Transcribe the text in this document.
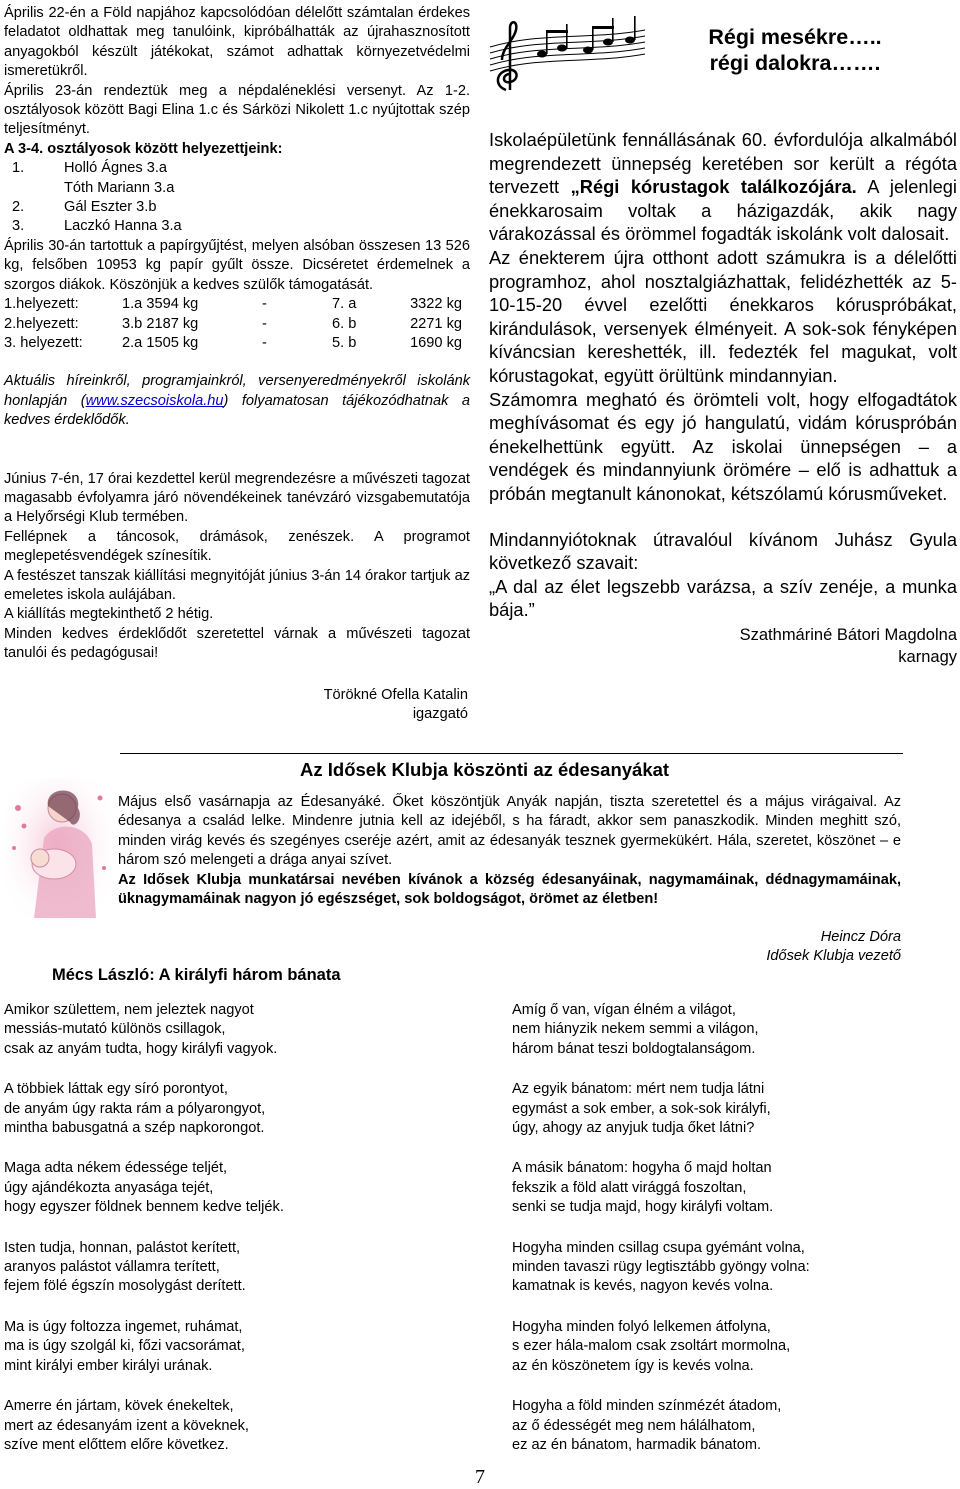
Április 22-én a Föld napjához kapcsolódóan délelőtt számtalan érdekes feladatot oldhattak meg tanulóink, kipróbálhatták az újrahasznosított anyagokból készült játékokat, számot adhattak környezetvédelmi ismeretükről.

Április 23-án rendeztük meg a népdaléneklési versenyt. Az 1-2. osztályosok között Bagi Elina 1.c és Sárközi Nikolett 1.c nyújtottak szép teljesítményt.

A 3-4. osztályosok között helyezettjeink:

1.	Holló Ágnes 3.a
Tóth Mariann 3.a
2.	Gál Eszter 3.b
3.	Laczkó Hanna 3.a

Április 30-án tartottuk a papírgyűjtést, melyen alsóban összesen 13 526 kg, felsőben 10953 kg papír gyűlt össze. Dicséretet érdemelnek a szorgos diákok. Köszönjük a kedves szülők támogatását.

1.helyezett:	1.a 3594 kg	-	7. a	3322 kg
2.helyezett:	3.b 2187 kg	-	6. b	2271 kg
3. helyezett:	2.a 1505 kg	-	5. b	1690 kg

Aktuális híreinkről, programjainkról, versenyeredményekről iskolánk honlapján (www.szecsoiskola.hu) folyamatosan tájékozódhatnak a kedves érdeklődők.

Június 7-én, 17 órai kezdettel kerül megrendezésre a művészeti tagozat magasabb évfolyamra járó növendékeinek tanévzáró vizsgabemutatója a Helyőrségi Klub termében.

Fellépnek a táncosok, drámások, zenészek. A programot meglepetésvendégek színesítik.

A festészet tanszak kiállítási megnyitóját június 3-án 14 órakor tartjuk az emeletes iskola aulájában.

A kiállítás megtekinthető 2 hétig.

Minden kedves érdeklődőt szeretettel várnak a művészeti tagozat tanulói és pedagógusai!

Törökné Ofella Katalin
igazgató
Régi mesékre…..
régi dalokra…….

Iskolaépületünk fennállásának 60. évfordulója alkalmából megrendezett ünnepség keretében sor került a régóta tervezett „Régi kórustagok találkozójára. A jelenlegi énekkarosaim voltak a házigazdák, akik nagy várakozással és örömmel fogadták iskolánk volt dalosait.

Az énekterem újra otthont adott számukra is a délelőtti programhoz, ahol nosztalgiázhattak, felidézhették az 5-10-15-20 évvel ezelőtti énekkaros kóruspróbákat, kirándulások, versenyek élményeit. A sok-sok fényképen kíváncsian kereshették, ill. fedezték fel magukat, volt kórustagokat, együtt örültünk mindannyian.

Számomra megható és örömteli volt, hogy elfogadtátok meghívásomat és egy jó hangulatú, vidám kóruspróbán énekelhettünk együtt. Az iskolai ünnepségen – a vendégek és mindannyiunk örömére – elő is adhattuk a próbán megtanult kánonokat, kétszólamú kórusműveket.

Mindannyiótoknak útravalóul kívánom Juhász Gyula következő szavait:

„A dal az élet legszebb varázsa, a szív zenéje, a munka bája.”

Szathmáriné Bátori Magdolna
karnagy
Az Idősek Klubja köszönti az édesanyákat

Május első vasárnapja az Édesanyáké. Őket köszöntjük Anyák napján, tiszta szeretettel és a május virágaival. Az édesanya a család lelke. Mindenre jutnia kell az idejéből, s ha fáradt, akkor sem panaszkodik. Minden meghitt szó, minden virág kevés és szegényes cseréje azért, amit az édesanyák tesznek gyermekükért. Hála, szeretet, köszönet – e három szó melengeti a drága anyai szívet.

Az Idősek Klubja munkatársai nevében kívánok a község édesanyáinak, nagymamáinak, dédnagymamáinak, üknagymamáinak nagyon jó egészséget, sok boldogságot, örömet az életben!

Heincz Dóra
Idősek Klubja vezető
Mécs László: A királyfi három bánata
Amikor születtem, nem jeleztek nagyot
messiás-mutató különös csillagok,
csak az anyám tudta, hogy királyfi vagyok.
A többiek láttak egy síró porontyot,
de anyám úgy rakta rám a pólyarongyot,
mintha babusgatná a szép napkorongot.
Maga adta nékem édessége teljét,
úgy ajándékozta anyasága tejét,
hogy egyszer földnek bennem kedve teljék.
Isten tudja, honnan, palástot kerített,
aranyos palástot vállamra terített,
fejem fölé égszín mosolygást derített.
Ma is úgy foltozza ingemet, ruhámat,
ma is úgy szolgál ki, főzi vacsorámat,
mint királyi ember királyi urának.
Amerre én jártam, kövek énekeltek,
mert az édesanyám izent a köveknek,
szíve ment előttem előre következ.
Amíg ő van, vígan élném a világot,
nem hiányzik nekem semmi a világon,
három bánat teszi boldogtalanságom.
Az egyik bánatom: mért nem tudja látni
egymást a sok ember, a sok-sok királyfi,
úgy, ahogy az anyjuk tudja őket látni?
A másik bánatom: hogyha ő majd holtan
fekszik a föld alatt virággá foszoltan,
senki se tudja majd, hogy királyfi voltam.
Hogyha minden csillag csupa gyémánt volna,
minden tavaszi rügy legtisztább gyöngy volna:
kamatnak is kevés, nagyon kevés volna.
Hogyha minden folyó lelkemen átfolyna,
s ezer hála-malom csak zsoltárt mormolna,
az én köszönetem így is kevés volna.
Hogyha a föld minden színmézét átadom,
az ő édességét meg nem hálálhatom,
ez az én bánatom, harmadik bánatom.
7
